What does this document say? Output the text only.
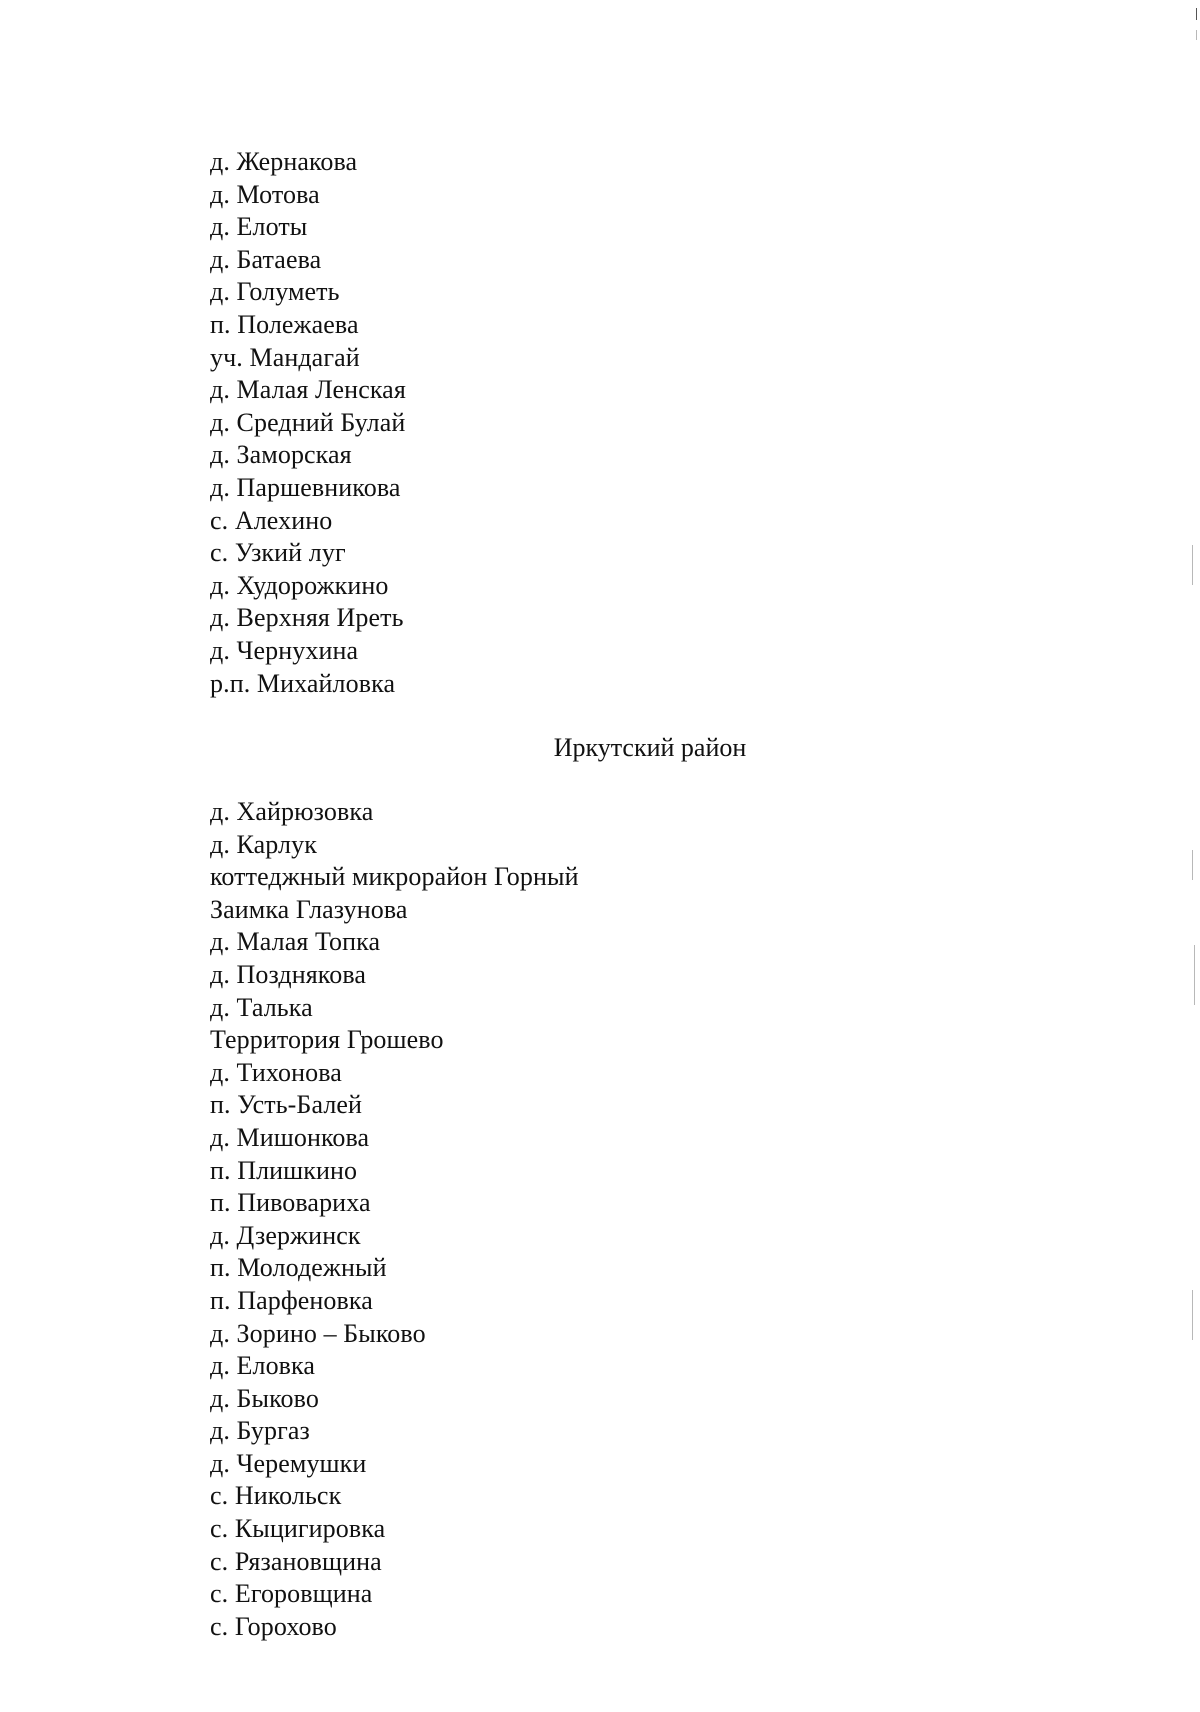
д. Жернакова
д. Мотова
д. Елоты
д. Батаева
д. Голуметь
п. Полежаева
уч. Мандагай
д. Малая Ленская
д. Средний Булай
д. Заморская
д. Паршевникова
с. Алехино
с. Узкий луг
д. Худорожкино
д. Верхняя Иреть
д. Чернухина
р.п. Михайловка
Иркутский район
д. Хайрюзовка
д. Карлук
коттеджный микрорайон Горный
Заимка Глазунова
д. Малая Топка
д. Позднякова
д. Талька
Территория Грошево
д. Тихонова
п. Усть-Балей
д. Мишонкова
п. Плишкино
п. Пивовариха
д. Дзержинск
п. Молодежный
п. Парфеновка
д. Зорино – Быково
д. Еловка
д. Быково
д. Бургаз
д. Черемушки
с. Никольск
с. Кыцигировка
с. Рязановщина
с. Егоровщина
с. Горохово
